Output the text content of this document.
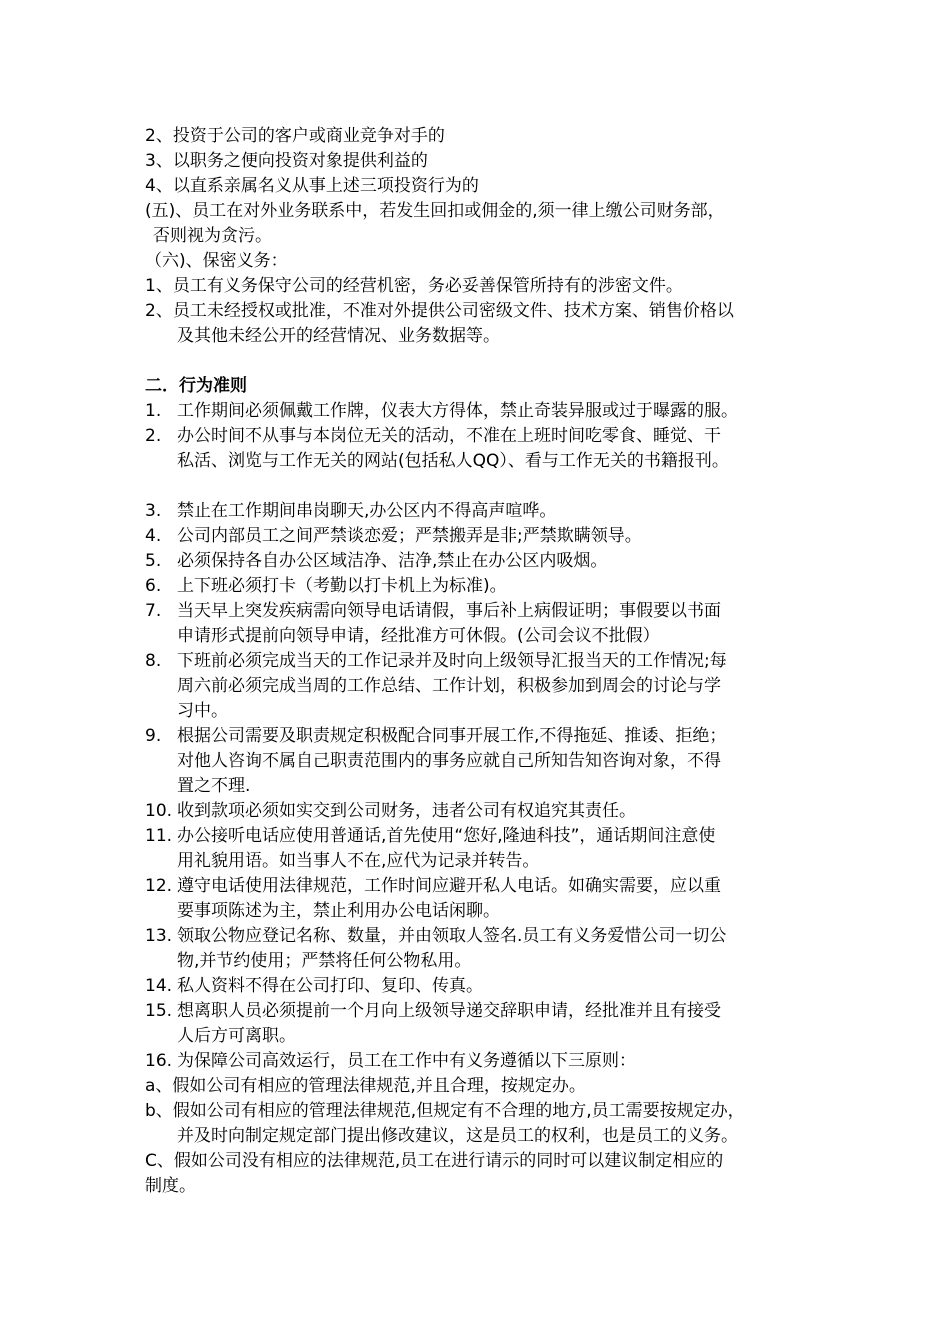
2、投资于公司的客户或商业竞争对手的
3、以职务之便向投资对象提供利益的
4、以直系亲属名义从事上述三项投资行为的
(五)、员工在对外业务联系中，若发生回扣或佣金的,须一律上缴公司财务部，
否则视为贪污。
（六)、保密义务：
1、员工有义务保守公司的经营机密，务必妥善保管所持有的涉密文件。
2、员工未经授权或批准，不准对外提供公司密级文件、技术方案、销售价格以
及其他未经公开的经营情况、业务数据等。
二．行为准则
1. 工作期间必须佩戴工作牌，仪表大方得体，禁止奇装异服或过于曝露的服。
2. 办公时间不从事与本岗位无关的活动，不准在上班时间吃零食、睡觉、干
私活、浏览与工作无关的网站(包括私人QQ）、看与工作无关的书籍报刊。
3. 禁止在工作期间串岗聊天,办公区内不得高声喧哗。
4. 公司内部员工之间严禁谈恋爱；严禁搬弄是非;严禁欺瞒领导。
5. 必须保持各自办公区域洁净、洁净,禁止在办公区内吸烟。
6. 上下班必须打卡（考勤以打卡机上为标准)。
7. 当天早上突发疾病需向领导电话请假，事后补上病假证明；事假要以书面
申请形式提前向领导申请，经批准方可休假。(公司会议不批假）
8. 下班前必须完成当天的工作记录并及时向上级领导汇报当天的工作情况;每
周六前必须完成当周的工作总结、工作计划，积极参加到周会的讨论与学
习中。
9. 根据公司需要及职责规定积极配合同事开展工作,不得拖延、推诿、拒绝；
对他人咨询不属自己职责范围内的事务应就自己所知告知咨询对象，不得
置之不理.
10. 收到款项必须如实交到公司财务，违者公司有权追究其责任。
11. 办公接听电话应使用普通话,首先使用“您好,隆迪科技”，通话期间注意使
用礼貌用语。如当事人不在,应代为记录并转告。
12. 遵守电话使用法律规范，工作时间应避开私人电话。如确实需要，应以重
要事项陈述为主，禁止利用办公电话闲聊。
13. 领取公物应登记名称、数量，并由领取人签名.员工有义务爱惜公司一切公
物,并节约使用；严禁将任何公物私用。
14. 私人资料不得在公司打印、复印、传真。
15. 想离职人员必须提前一个月向上级领导递交辞职申请，经批准并且有接受
人后方可离职。
16. 为保障公司高效运行，员工在工作中有义务遵循以下三原则：
a、假如公司有相应的管理法律规范,并且合理，按规定办。
b、假如公司有相应的管理法律规范,但规定有不合理的地方,员工需要按规定办，
并及时向制定规定部门提出修改建议，这是员工的权利，也是员工的义务。
C、假如公司没有相应的法律规范,员工在进行请示的同时可以建议制定相应的
制度。
